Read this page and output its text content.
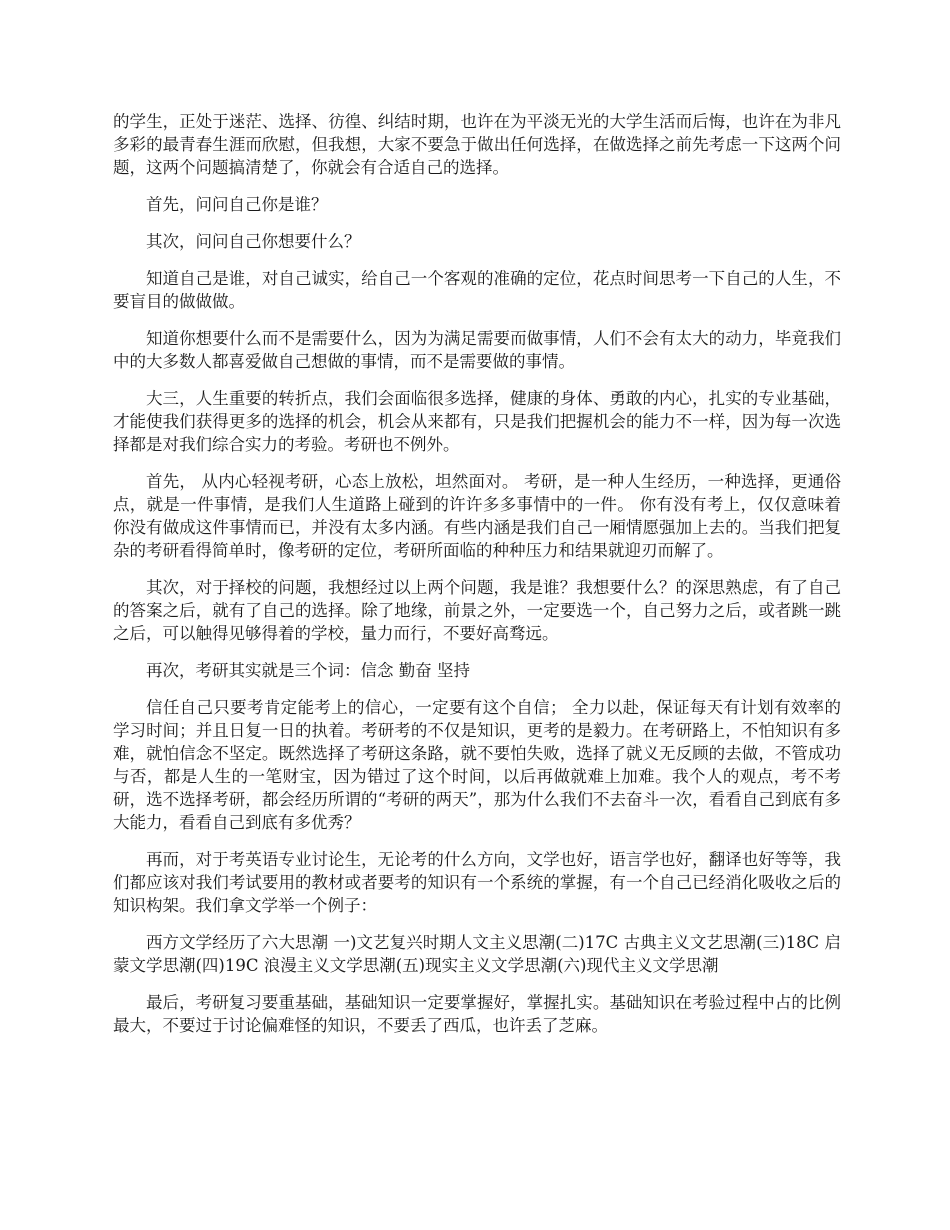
的学生，正处于迷茫、选择、彷徨、纠结时期，也许在为平淡无光的大学生活而后悔，也许在为非凡多彩的最青春生涯而欣慰，但我想，大家不要急于做出任何选择，在做选择之前先考虑一下这两个问题，这两个问题搞清楚了，你就会有合适自己的选择。

首先，问问自己你是谁？

其次，问问自己你想要什么？

知道自己是谁，对自己诚实，给自己一个客观的准确的定位，花点时间思考一下自己的人生，不要盲目的做做做。

知道你想要什么而不是需要什么，因为为满足需要而做事情，人们不会有太大的动力，毕竟我们中的大多数人都喜爱做自己想做的事情，而不是需要做的事情。

大三，人生重要的转折点，我们会面临很多选择，健康的身体、勇敢的内心，扎实的专业基础，才能使我们获得更多的选择的机会，机会从来都有，只是我们把握机会的能力不一样，因为每一次选择都是对我们综合实力的考验。考研也不例外。

首先， 从内心轻视考研，心态上放松，坦然面对。 考研，是一种人生经历，一种选择，更通俗点，就是一件事情，是我们人生道路上碰到的许许多多事情中的一件。 你有没有考上，仅仅意味着你没有做成这件事情而已，并没有太多内涵。有些内涵是我们自己一厢情愿强加上去的。当我们把复杂的考研看得简单时，像考研的定位，考研所面临的种种压力和结果就迎刃而解了。

其次，对于择校的问题，我想经过以上两个问题，我是谁？我想要什么？的深思熟虑，有了自己的答案之后，就有了自己的选择。除了地缘，前景之外，一定要选一个，自己努力之后，或者跳一跳之后，可以触得见够得着的学校，量力而行，不要好高骛远。

再次，考研其实就是三个词：信念 勤奋 坚持

信任自己只要考肯定能考上的信心，一定要有这个自信； 全力以赴，保证每天有计划有效率的学习时间；并且日复一日的执着。考研考的不仅是知识，更考的是毅力。在考研路上，不怕知识有多难，就怕信念不坚定。既然选择了考研这条路，就不要怕失败，选择了就义无反顾的去做，不管成功与否，都是人生的一笔财宝，因为错过了这个时间，以后再做就难上加难。我个人的观点，考不考研，选不选择考研，都会经历所谓的“考研的两天”，那为什么我们不去奋斗一次，看看自己到底有多大能力，看看自己到底有多优秀？

再而，对于考英语专业讨论生，无论考的什么方向，文学也好，语言学也好，翻译也好等等，我们都应该对我们考试要用的教材或者要考的知识有一个系统的掌握，有一个自己已经消化吸收之后的知识构架。我们拿文学举一个例子：

西方文学经历了六大思潮 一)文艺复兴时期人文主义思潮(二)17C 古典主义文艺思潮(三)18C 启蒙文学思潮(四)19C 浪漫主义文学思潮(五)现实主义文学思潮(六)现代主义文学思潮

最后，考研复习要重基础，基础知识一定要掌握好，掌握扎实。基础知识在考验过程中占的比例最大，不要过于讨论偏难怪的知识，不要丢了西瓜，也许丢了芝麻。
